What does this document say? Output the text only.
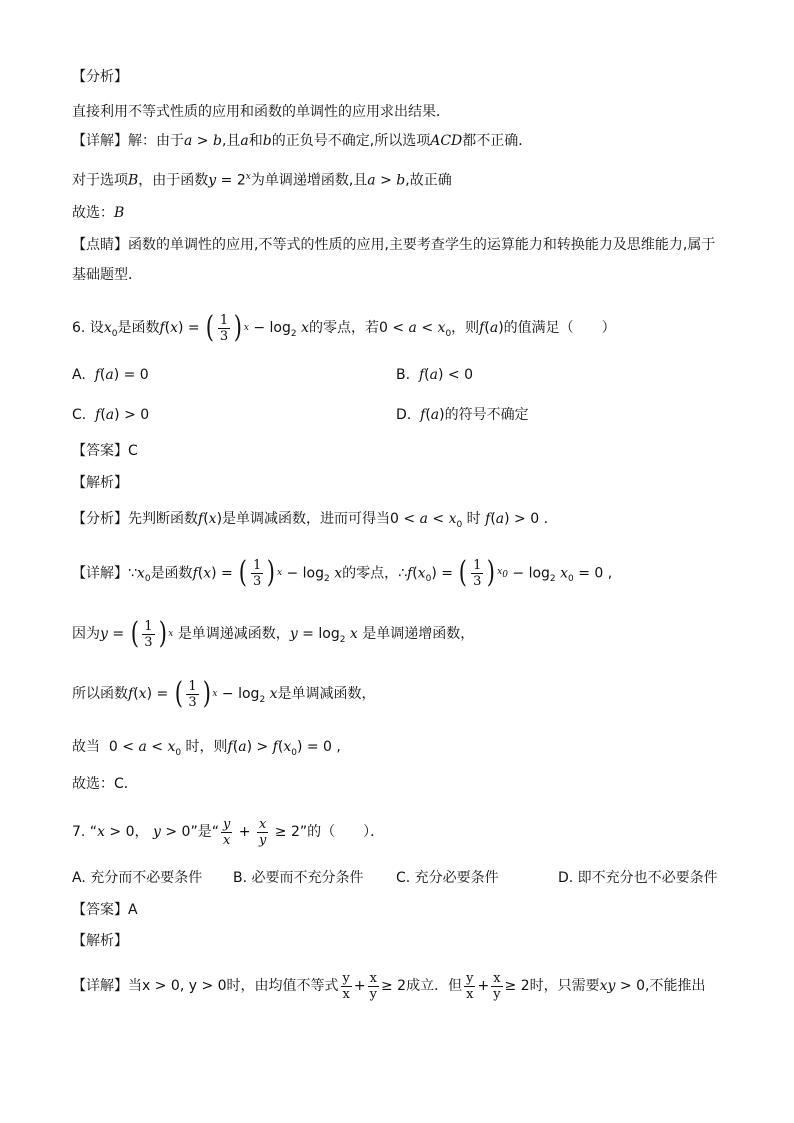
【分析】
直接利用不等式性质的应用和函数的单调性的应用求出结果．
【详解】解：由于a > b,且a和b的正负号不确定,所以选项ACD都不正确．
对于选项B，由于函数$y = 2^x$为单调递增函数,且a > b,故正确
故选：B
【点睛】函数的单调性的应用,不等式的性质的应用,主要考查学生的运算能力和转换能力及思维能力,属于
基础题型．
6. 设$x_0$是函数f(x) = ( $\frac{1}{3}$ ) $x - \log_2 x$的零点，若$0 < a < x_0$，则f(a)的值满足（　　）
A. f(a) = 0	B. f(a) < 0
C. f(a) > 0	D. f(a)的符号不确定
【答案】C
【解析】
【分析】先判断函数f(x)是单调减函数，进而可得当$0 < a < x_0$ 时 f(a) > 0 .
【详解】$\because x_0$是函数f(x) = ( $\frac{1}{3}$ ) $x - \log_2 x$的零点，$\therefore f(x_0)$ = ( $\frac{1}{3}$ ) $x_0 - \log_2 x_0 = 0$ ,
因为y = ( $\frac{1}{3}$ ) x 是单调递减函数，$y = \log_2 x$ 是单调递增函数，
所以函数f(x) = ( $\frac{1}{3}$ ) $x - \log_2 x$是单调减函数，
故当  $0 < a < x_0$ 时，则$f(a) > f(x_0) = 0$ ,
故选：C．
7. “x > 0， y > 0”是“ $\frac{y}{x} + \frac{x}{y} \ge 2$”的（　　）．
A. 充分而不必要条件 B. 必要而不充分条件 C. 充分必要条件	D. 即不充分也不必要条件
【答案】A
【解析】
【详解】当x > 0, y > 0时，由均值不等式 $\frac{y}{x} + \frac{x}{y} \ge 2$成立．但 $\frac{y}{x} + \frac{x}{y} \ge 2$时，只需要xy > 0,不能推出
